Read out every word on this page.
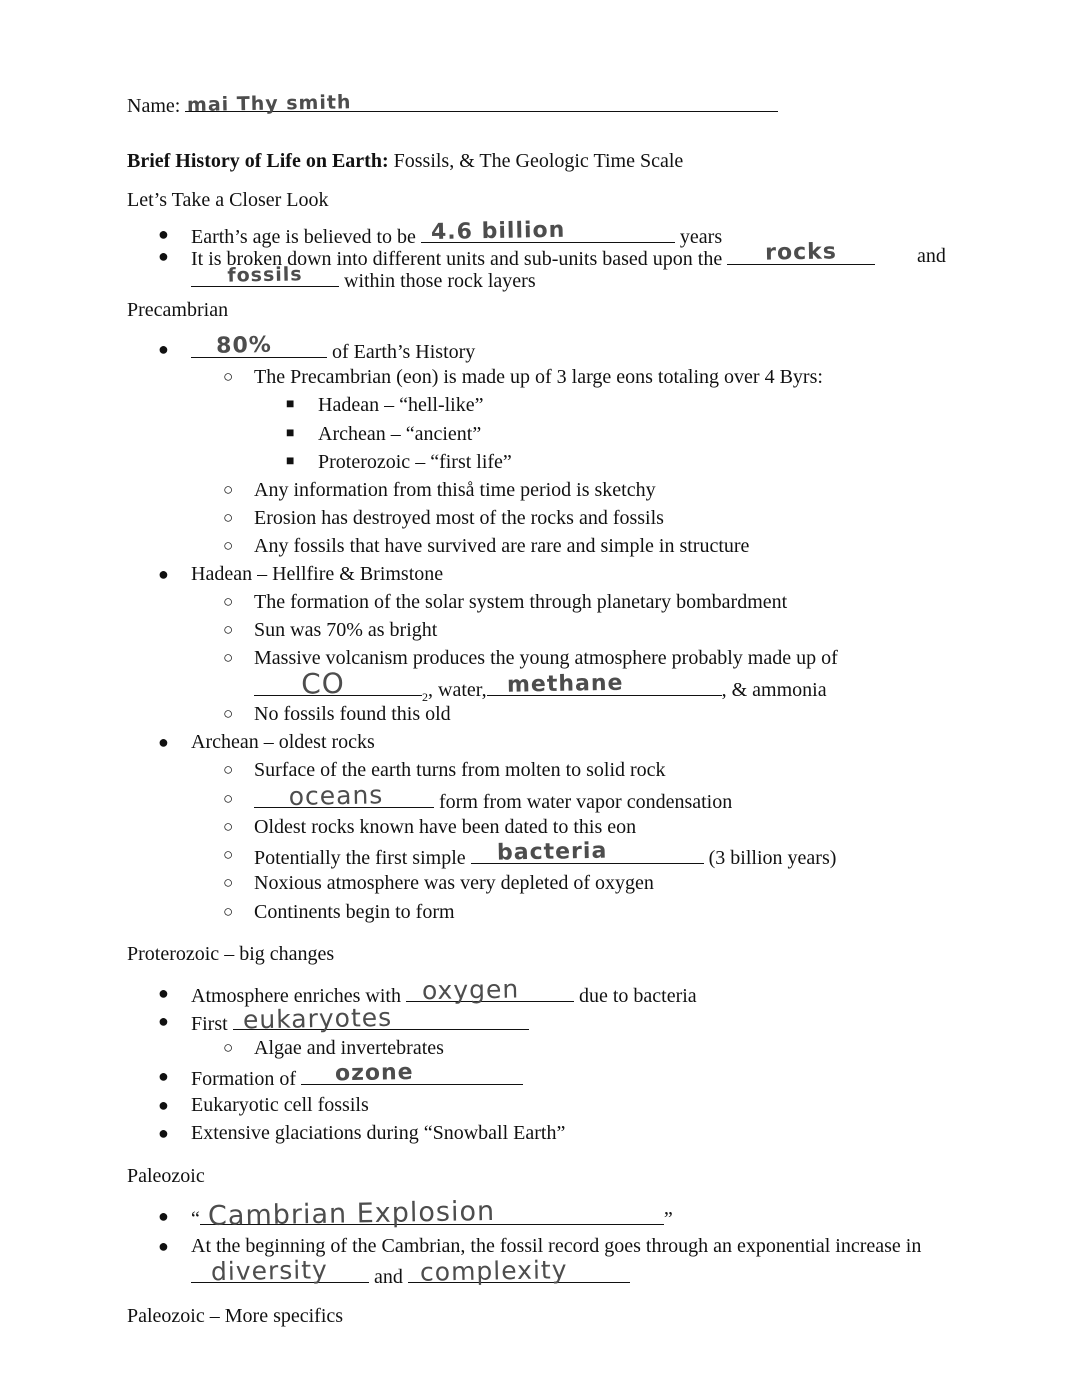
Name: mai Thy smith
Brief History of Life on Earth: Fossils, & The Geologic Time Scale
Let’s Take a Closer Look
● Earth’s age is believed to be 4.6 billion	years
● It is broken down into different units and sub-units based upon the	rocks	and
fossils	within those rock layers
Precambrian
●	80%	of Earth’s History
○ The Precambrian (eon) is made up of 3 large eons totaling over 4 Byrs:
■ Hadean – “hell-like”
■ Archean – “ancient”
■ Proterozoic – “first life”
○ Any information from thiså time period is sketchy
○ Erosion has destroyed most of the rocks and fossils
○ Any fossils that have survived are rare and simple in structure
● Hadean – Hellfire & Brimstone
○ The formation of the solar system through planetary bombardment
○ Sun was 70% as bright
○ Massive volcanism produces the young atmosphere probably made up of
CO	$_2$, water, methane	, & ammonia
○ No fossils found this old
● Archean – oldest rocks
○ Surface of the earth turns from molten to solid rock
○	oceans	form from water vapor condensation
○ Oldest rocks known have been dated to this eon
○ Potentially the first simple	bacteria	(3 billion years)
○ Noxious atmosphere was very depleted of oxygen
○ Continents begin to form
Proterozoic – big changes
● Atmosphere enriches with oxygen	due to bacteria
● First eukaryotes
○ Algae and invertebrates
● Formation of	ozone
● Eukaryotic cell fossils
● Extensive glaciations during “Snowball Earth”
Paleozoic
● “ Cambrian Explosion	”
● At the beginning of the Cambrian, the fossil record goes through an exponential increase in
diversity	and complexity
Paleozoic – More specifics
